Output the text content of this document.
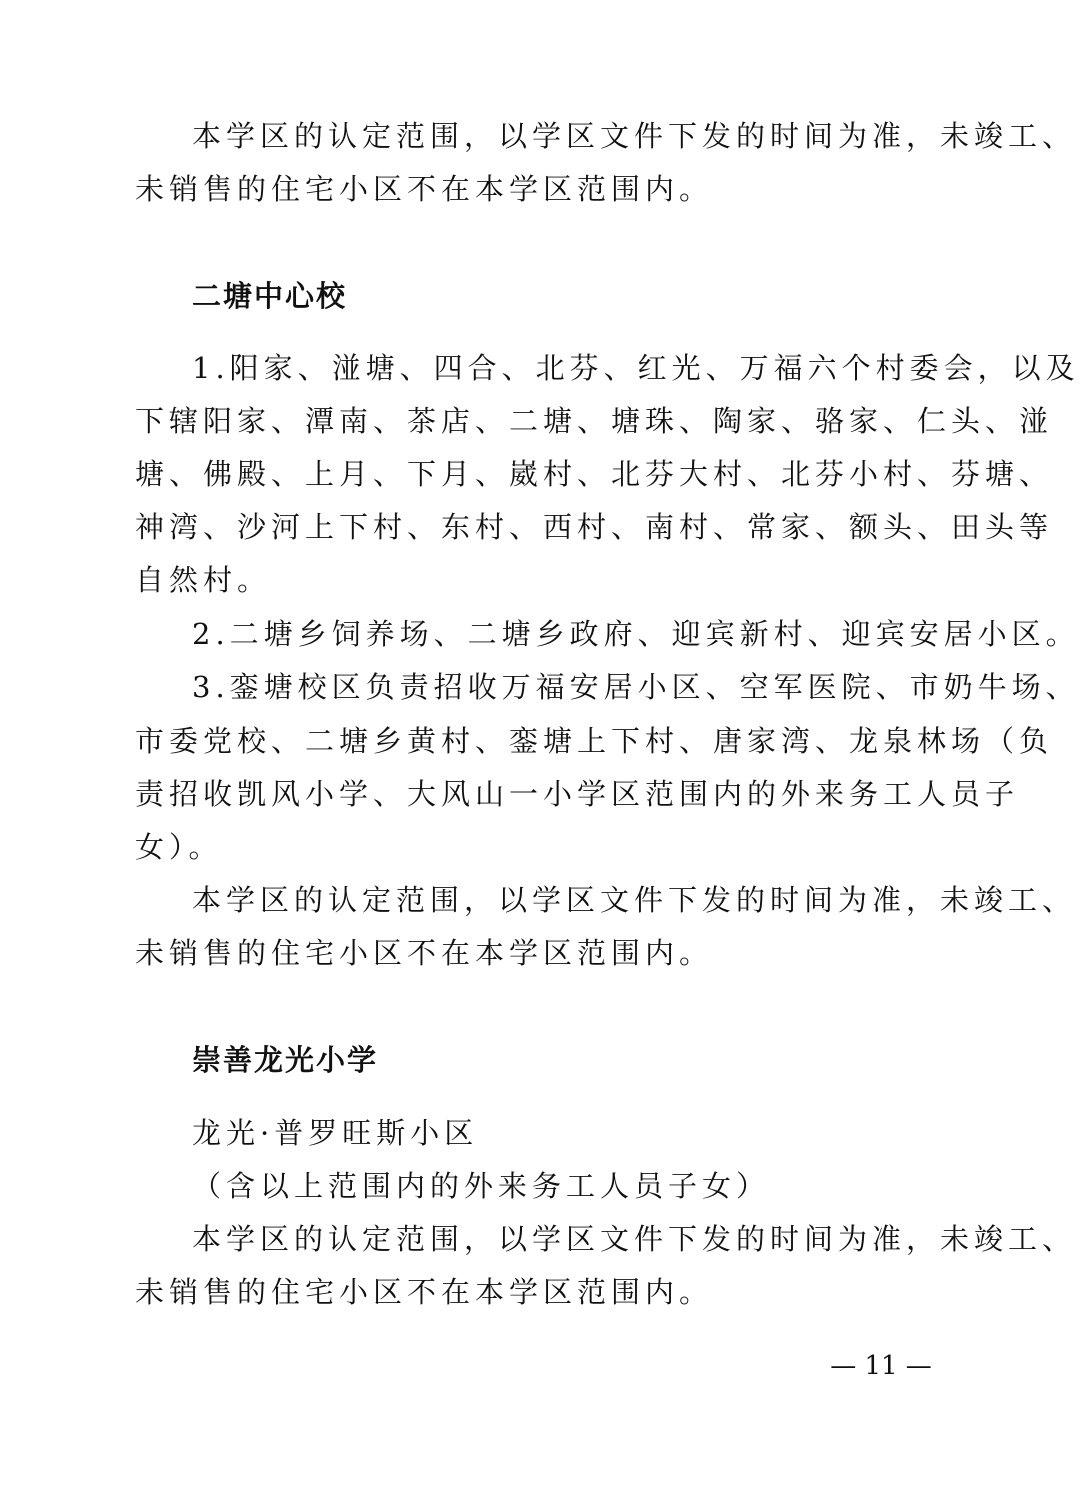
本学区的认定范围，以学区文件下发的时间为准，未竣工、
未销售的住宅小区不在本学区范围内。
二塘中心校
1.阳家、湴塘、四合、北芬、红光、万福六个村委会，以及
下辖阳家、潭南、茶店、二塘、塘珠、陶家、骆家、仁头、湴
塘、佛殿、上月、下月、崴村、北芬大村、北芬小村、芬塘、
神湾、沙河上下村、东村、西村、南村、常家、额头、田头等
自然村。
2.二塘乡饲养场、二塘乡政府、迎宾新村、迎宾安居小区。
3.銮塘校区负责招收万福安居小区、空军医院、市奶牛场、
市委党校、二塘乡黄村、銮塘上下村、唐家湾、龙泉林场（负
责招收凯风小学、大风山一小学区范围内的外来务工人员子
女）。
本学区的认定范围，以学区文件下发的时间为准，未竣工、
未销售的住宅小区不在本学区范围内。
崇善龙光小学
龙光·普罗旺斯小区
（含以上范围内的外来务工人员子女）
本学区的认定范围，以学区文件下发的时间为准，未竣工、
未销售的住宅小区不在本学区范围内。
— 11 —
